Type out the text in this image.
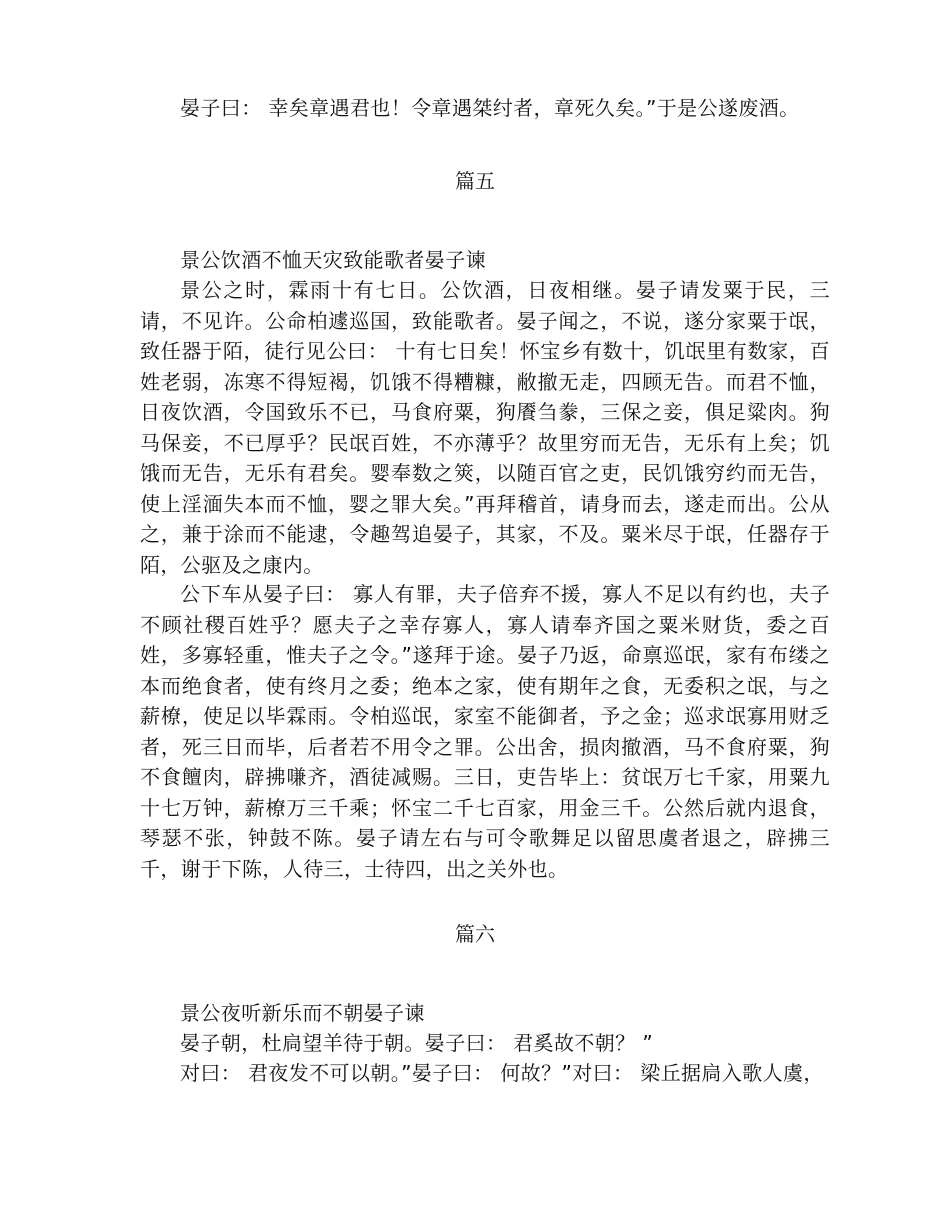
晏子曰： 幸矣章遇君也！令章遇桀纣者，章死久矣。”于是公遂废酒。
篇五
景公饮酒不恤天灾致能歌者晏子谏
景公之时，霖雨十有七日。公饮酒，日夜相继。晏子请发粟于民，三请，不见许。公命柏遽巡国，致能歌者。晏子闻之，不说，遂分家粟于氓，致任器于陌，徒行见公曰： 十有七日矣！怀宝乡有数十，饥氓里有数家，百姓老弱，冻寒不得短褐，饥饿不得糟糠，敝撤无走，四顾无告。而君不恤，日夜饮酒，令国致乐不已，马食府粟，狗餍刍豢，三保之妾，俱足粱肉。狗马保妾，不已厚乎？民氓百姓，不亦薄乎？故里穷而无告，无乐有上矣；饥饿而无告，无乐有君矣。婴奉数之筴，以随百官之吏，民饥饿穷约而无告，使上淫湎失本而不恤，婴之罪大矣。”再拜稽首，请身而去，遂走而出。公从之，兼于涂而不能逮，令趣驾追晏子，其家，不及。粟米尽于氓，任器存于陌，公驱及之康内。
公下车从晏子曰： 寡人有罪，夫子倍弃不援，寡人不足以有约也，夫子不顾社稷百姓乎？愿夫子之幸存寡人，寡人请奉齐国之粟米财货，委之百姓，多寡轻重，惟夫子之令。”遂拜于途。晏子乃返，命禀巡氓，家有布缕之本而绝食者，使有终月之委；绝本之家，使有期年之食，无委积之氓，与之薪橑，使足以毕霖雨。令柏巡氓，家室不能御者，予之金；巡求氓寡用财乏者，死三日而毕，后者若不用令之罪。公出舍，损肉撤酒，马不食府粟，狗不食饘肉，辟拂嗛齐，酒徒减赐。三日，吏告毕上：贫氓万七千家，用粟九十七万钟，薪橑万三千乘；怀宝二千七百家，用金三千。公然后就内退食，琴瑟不张，钟鼓不陈。晏子请左右与可令歌舞足以留思虞者退之，辟拂三千，谢于下陈，人待三，士待四，出之关外也。
篇六
景公夜听新乐而不朝晏子谏
晏子朝，杜扃望羊待于朝。晏子曰： 君奚故不朝？ ”
对曰： 君夜发不可以朝。”晏子曰： 何故？”对曰： 梁丘据扃入歌人虞，
